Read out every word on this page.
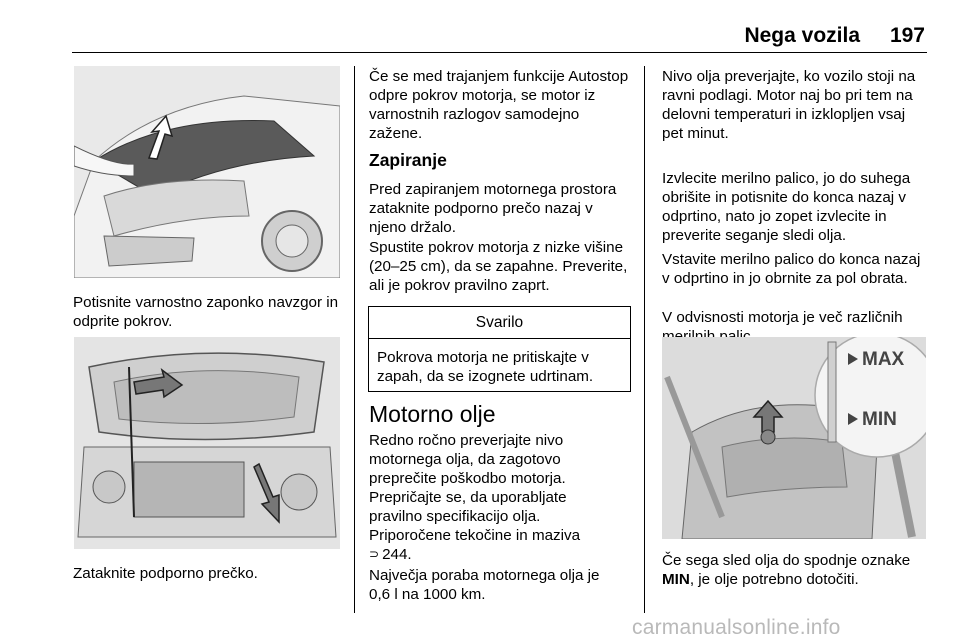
Nega vozila 197
Potisnite varnostno zaponko navzgor in odprite pokrov.
Zataknite podporno prečko.
Če se med trajanjem funkcije Autostop odpre pokrov motorja, se motor iz varnostnih razlogov samodejno zažene.
Zapiranje
Pred zapiranjem motornega prostora zataknite podporno prečo nazaj v njeno držalo.
Spustite pokrov motorja z nizke višine (20–25 cm), da se zapahne. Preverite, ali je pokrov pravilno zaprt.
Svarilo
Pokrova motorja ne pritiskajte v zapah, da se izognete udrtinam.
Motorno olje
Redno ročno preverjajte nivo motornega olja, da zagotovo preprečite poškodbo motorja. Prepričajte se, da uporabljate pravilno specifikacijo olja. Priporočene tekočine in maziva
⊃ 244.
Največja poraba motornega olja je 0,6 l na 1000 km.
Nivo olja preverjajte, ko vozilo stoji na ravni podlagi. Motor naj bo pri tem na delovni temperaturi in izklopljen vsaj pet minut.
Izvlecite merilno palico, jo do suhega obrišite in potisnite do konca nazaj v odprtino, nato jo zopet izvlecite in preverite seganje sledi olja.
Vstavite merilno palico do konca nazaj v odprtino in jo obrnite za pol obrata.
V odvisnosti motorja je več različnih
MAX
MIN
Če sega sled olja do spodnje oznake MIN, je olje potrebno dotočiti.
carmanualsonline.info
